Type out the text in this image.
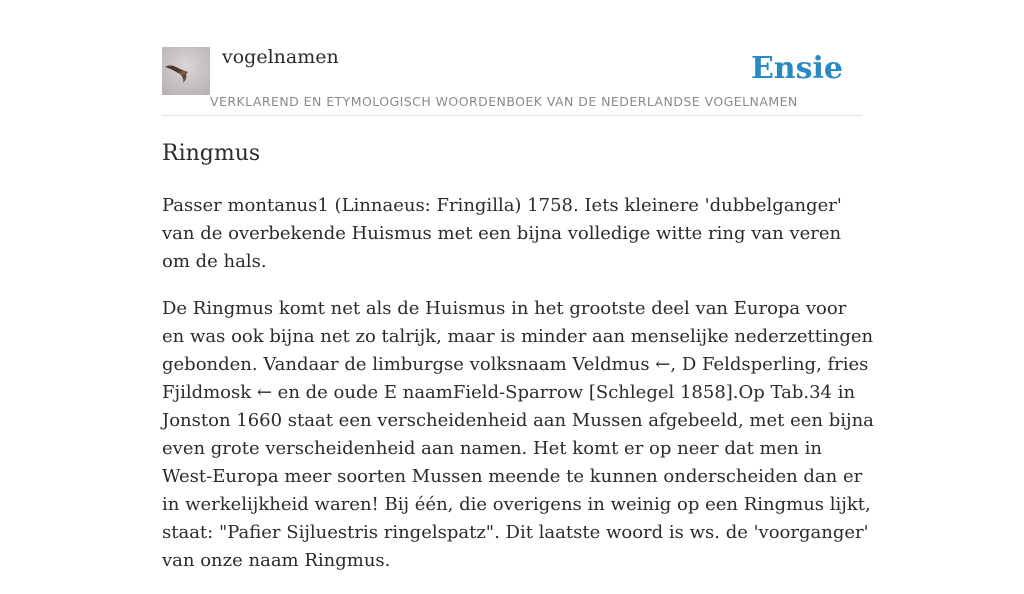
vogelnamen	Ensie
VERKLAREND EN ETYMOLOGISCH WOORDENBOEK VAN DE NEDERLANDSE VOGELNAMEN
Ringmus

Passer montanus1 (Linnaeus: Fringilla) 1758. Iets kleinere 'dubbelganger' van de overbekende Huismus met een bijna volledige witte ring van veren om de hals.

De Ringmus komt net als de Huismus in het grootste deel van Europa voor en was ook bijna net zo talrijk, maar is minder aan menselijke nederzettingen gebonden. Vandaar de limburgse volksnaam Veldmus ←, D Feldsperling, fries Fjildmosk ← en de oude E naamField-Sparrow [Schlegel 1858].Op Tab.34 in Jonston 1660 staat een verscheidenheid aan Mussen afgebeeld, met een bijna even grote verscheidenheid aan namen. Het komt er op neer dat men in West-Europa meer soorten Mussen meende te kunnen onderscheiden dan er in werkelijkheid waren! Bij één, die overigens in weinig op een Ringmus lijkt, staat: "Pafier Sijluestris ringelspatz". Dit laatste woord is ws. de 'voorganger' van onze naam Ringmus.
